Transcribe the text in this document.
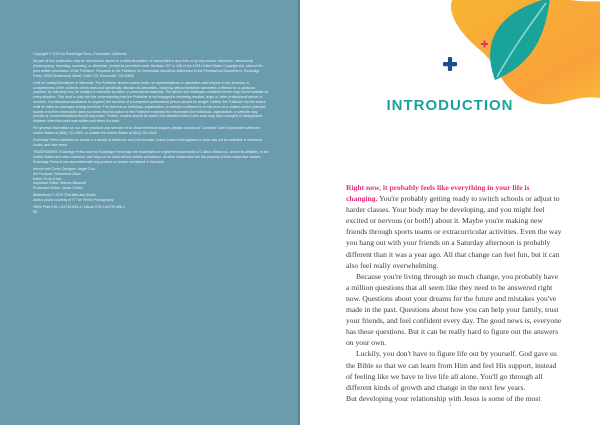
Copyright © 2020 by Rockridge Press, Emeryville, California

No part of this publication may be reproduced, stored in a retrieval system, or transmitted in any form or by any means, electronic, mechanical, photocopying, recording, scanning, or otherwise, except as permitted under Sections 107 or 108 of the 1976 United States Copyright Act, without the prior written permission of the Publisher. Requests to the Publisher for permission should be addressed to the Permissions Department, Rockridge Press, 6005 Shellmound Street, Suite 175, Emeryville, CA 94608.

Limit of Liability/Disclaimer of Warranty: The Publisher and the author make no representations or warranties with respect to the accuracy or completeness of the contents of this work and specifically disclaim all warranties, including without limitation warranties of fitness for a particular purpose. No warranty may be created or extended by sales or promotional materials. The advice and strategies contained herein may not be suitable for every situation. This work is sold with the understanding that the Publisher is not engaged in rendering medical, legal, or other professional advice or services. If professional assistance is required, the services of a competent professional person should be sought. Neither the Publisher nor the author shall be liable for damages arising herefrom. The fact that an individual, organization, or website is referred to in this work as a citation and/or potential source of further information does not mean that the author or the Publisher endorses the information the individual, organization, or website may provide or recommendations they/it may make. Further, readers should be aware that websites listed in this work may have changed or disappeared between when this work was written and when it is read.

For general information on our other products and services or to obtain technical support, please contact our Customer Care Department within the United States at (866) 744-2665, or outside the United States at (510) 253-0500.

Rockridge Press publishes its books in a variety of electronic and print formats. Some content that appears in print may not be available in electronic books, and vice versa.

TRADEMARKS: Rockridge Press and the Rockridge Press logo are trademarks or registered trademarks of Callisto Media Inc. and/or its affiliates, in the United States and other countries, and may not be used without written permission. All other trademarks are the property of their respective owners. Rockridge Press is not associated with any product or vendor mentioned in this book.

Interior and Cover Designer: Angie Chiu
Art Producer: Samantha Ulban
Editor: Erum Khan
Associate Editor: Maxine Marshall
Production Editor: Jenna Dutton

Illustrations © 2020 TheLittleLabs Studio
Author photo courtesy of © The Tennis Photography

ISBN: Print 978-1-64739-695-4 | eBook 978-1-64739-696-1
R0

INTRODUCTION

Right now, it probably feels like everything in your life is changing. You're probably getting ready to switch schools or adjust to harder classes. Your body may be developing, and you might feel excited or nervous (or both!) about it. Maybe you're making new friends through sports teams or extracurricular activities. Even the way you hang out with your friends on a Saturday afternoon is probably different than it was a year ago. All that change can feel fun, but it can also feel really overwhelming.

Because you're living through so much change, you probably have a million questions that all seem like they need to be answered right now. Questions about your dreams for the future and mistakes you've made in the past. Questions about how you can help your family, trust your friends, and feel confident every day. The good news is, everyone has these questions. But it can be really hard to figure out the answers on your own.

Luckily, you don't have to figure life out by yourself. God gave us the Bible so that we can learn from Him and feel His support, instead of feeling like we have to live life all alone. You'll go through all different kinds of growth and change in the next few years.

But developing your relationship with Jesus is some of the most

1
